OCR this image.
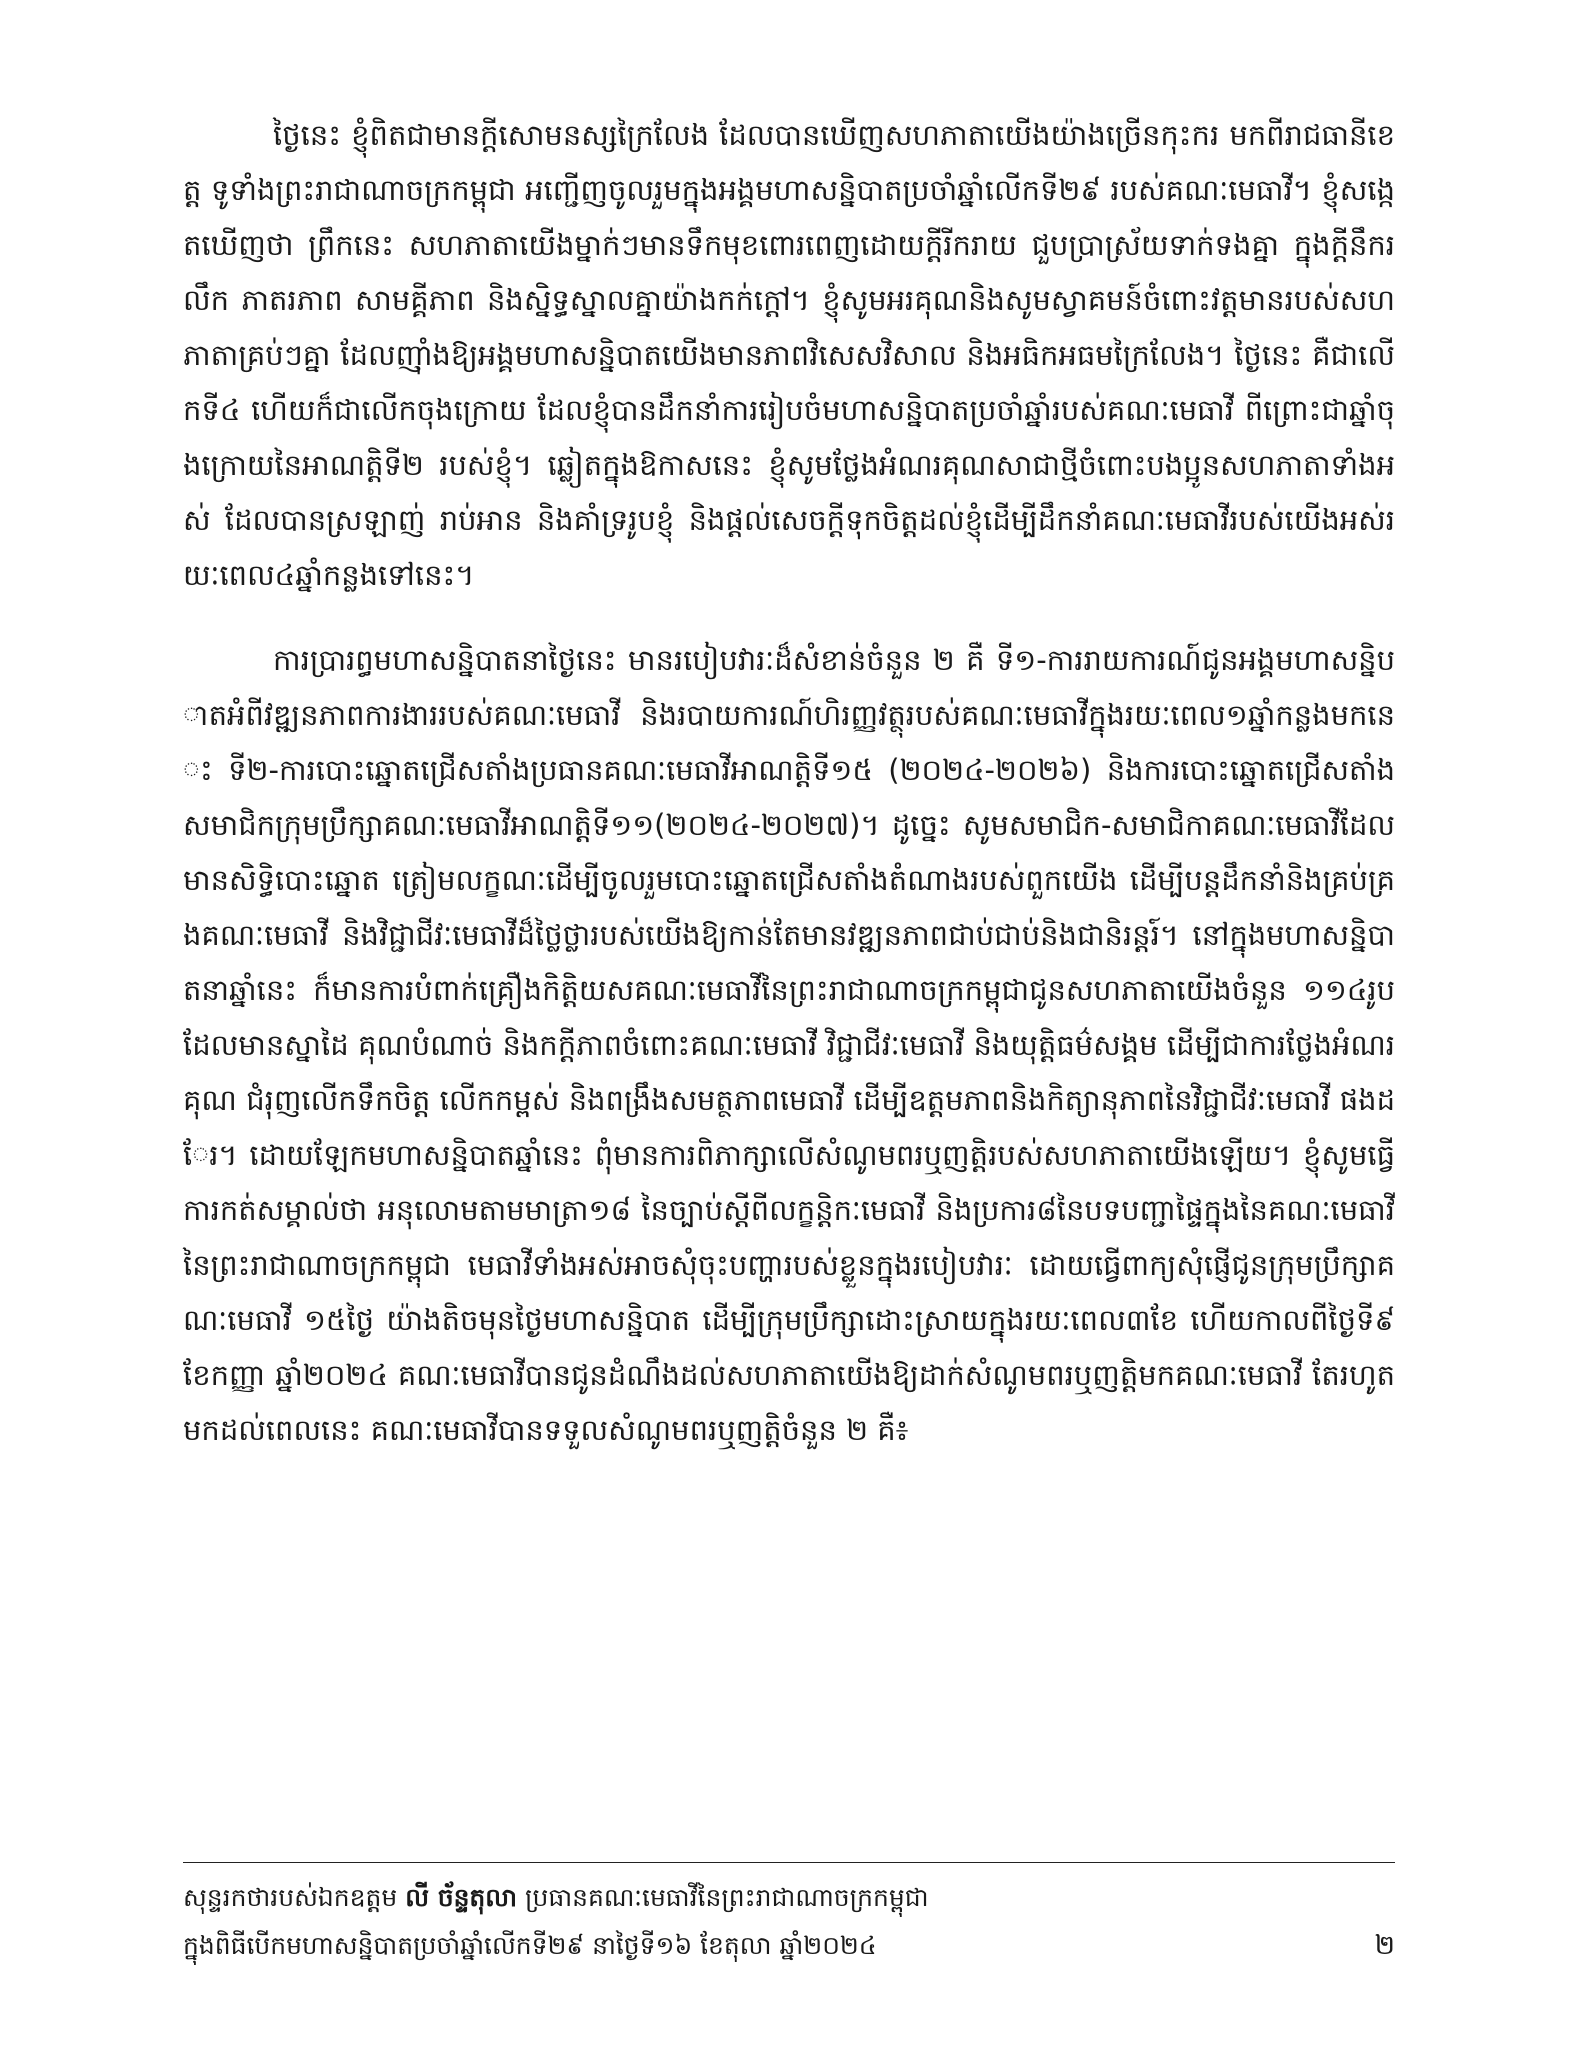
ថ្ងៃនេះ ខ្ញុំពិតជាមានក្តីសោមនស្សក្រៃលែង ដែលបានឃើញសហភាតាយើងយ៉ាងច្រើនកុះករ មកពីរាជធានីខេត្ត ទូទាំងព្រះរាជាណាចក្រកម្ពុជា អញ្ជើញចូលរួមក្នុងអង្គមហាសន្និបាតប្រចាំឆ្នាំលើកទី២៩ របស់គណៈមេធាវី។ ខ្ញុំសង្កេតឃើញថា ព្រឹកនេះ សហភាតាយើងម្នាក់ៗមានទឹកមុខពោរពេញដោយក្តីរីករាយ ជួបប្រាស្រ័យទាក់ទងគ្នា ក្នុងក្តីនឹករលឹក ភាតរភាព សាមគ្គីភាព និងស្និទ្ធស្នាលគ្នាយ៉ាងកក់ក្តៅ។ ខ្ញុំសូមអរគុណនិងសូមស្វាគមន៍ចំពោះវត្តមានរបស់សហភាតាគ្រប់ៗគ្នា ដែលញ៉ាំងឱ្យអង្គមហាសន្និបាតយើងមានភាពវិសេសវិសាល និងអធិកអធមក្រៃលែង។ ថ្ងៃនេះ គឺជាលើកទី៤ ហើយក៏ជាលើកចុងក្រោយ ដែលខ្ញុំបានដឹកនាំការរៀបចំមហាសន្និបាតប្រចាំឆ្នាំរបស់គណៈមេធាវី ពីព្រោះជាឆ្នាំចុងក្រោយនៃអាណត្តិទី២ របស់ខ្ញុំ។ ឆ្លៀតក្នុងឱកាសនេះ ខ្ញុំសូមថ្លែងអំណរគុណសាជាថ្មីចំពោះបងប្អូនសហភាតាទាំងអស់ ដែលបានស្រឡាញ់ រាប់អាន និងគាំទ្ររូបខ្ញុំ និងផ្តល់សេចក្តីទុកចិត្តដល់ខ្ញុំដើម្បីដឹកនាំគណៈមេធាវីរបស់យើងអស់រយៈពេល៤ឆ្នាំកន្លងទៅនេះ។

ការប្រារព្ធមហាសន្និបាតនាថ្ងៃនេះ មានរបៀបវារៈដ៏សំខាន់ចំនួន ២ គឺ ទី១-ការរាយការណ៍ជូនអង្គមហាសន្និបាតអំពីវឌ្ឍនភាពការងាររបស់គណៈមេធាវី និងរបាយការណ៍ហិរញ្ញវត្ថុរបស់គណៈមេធាវីក្នុងរយៈពេល១ឆ្នាំកន្លងមកនេះ ទី២-ការបោះឆ្នោតជ្រើសតាំងប្រធានគណៈមេធាវីអាណត្តិទី១៥ (២០២៤-២០២៦) និងការបោះឆ្នោតជ្រើសតាំងសមាជិកក្រុមប្រឹក្សាគណៈមេធាវីអាណត្តិទី១១(២០២៤-២០២៧)។ ដូច្នេះ សូមសមាជិក-សមាជិកាគណៈមេធាវីដែលមានសិទ្ធិបោះឆ្នោត ត្រៀមលក្ខណៈដើម្បីចូលរួមបោះឆ្នោតជ្រើសតាំងតំណាងរបស់ពួកយើង ដើម្បីបន្តដឹកនាំនិងគ្រប់គ្រងគណៈមេធាវី និងវិជ្ជាជីវៈមេធាវីដ៏ថ្លៃថ្លារបស់យើងឱ្យកាន់តែមានវឌ្ឍនភាពជាប់ជាប់និងជានិរន្តរ៍។ នៅក្នុងមហាសន្និបាតនាឆ្នាំនេះ ក៏មានការបំពាក់គ្រឿងកិត្តិយសគណៈមេធាវីនៃព្រះរាជាណាចក្រកម្ពុជាជូនសហភាតាយើងចំនួន ១១៤រូប ដែលមានស្នាដៃ គុណបំណាច់ និងកក្តីភាពចំពោះគណៈមេធាវី វិជ្ជាជីវៈមេធាវី និងយុត្តិធម៌សង្គម ដើម្បីជាការថ្លែងអំណរគុណ ជំរុញលើកទឹកចិត្ត លើកកម្ពស់ និងពង្រឹងសមត្ថភាពមេធាវី ដើម្បីឧត្តមភាពនិងកិត្យានុភាពនៃវិជ្ជាជីវៈមេធាវី ផងដែរ។ ដោយឡែកមហាសន្និបាតឆ្នាំនេះ ពុំមានការពិភាក្សាលើសំណូមពរឬញត្តិរបស់សហភាតាយើងឡើយ។ ខ្ញុំសូមធ្វើការកត់សម្គាល់ថា អនុលោមតាមមាត្រា១៨ នៃច្បាប់ស្តីពីលក្ខន្តិកៈមេធាវី និងប្រការ៨នៃបទបញ្ជាផ្ទៃក្នុងនៃគណៈមេធាវីនៃព្រះរាជាណាចក្រកម្ពុជា មេធាវីទាំងអស់អាចសុំចុះបញ្ហារបស់ខ្លួនក្នុងរបៀបវារៈ ដោយធ្វើពាក្យសុំផ្ញើជូនក្រុមប្រឹក្សាគណៈមេធាវី ១៥ថ្ងៃ យ៉ាងតិចមុនថ្ងៃមហាសន្និបាត ដើម្បីក្រុមប្រឹក្សាដោះស្រាយក្នុងរយៈពេល៣ខែ ហើយកាលពីថ្ងៃទី៩ ខែកញ្ញា ឆ្នាំ២០២៤ គណៈមេធាវីបានជូនដំណឹងដល់សហភាតាយើងឱ្យដាក់សំណូមពរឬញត្តិមកគណៈមេធាវី តែរហូតមកដល់ពេលនេះ គណៈមេធាវីបានទទួលសំណូមពរឬញត្តិចំនួន ២ គឺ៖

សុន្ទរកថារបស់ឯកឧត្តម លី ច័ន្ទតុលា ប្រធានគណៈមេធាវីនៃព្រះរាជាណាចក្រកម្ពុជា
ក្នុងពិធីបើកមហាសន្និបាតប្រចាំឆ្នាំលើកទី២៩ នាថ្ងៃទី១៦ ខែតុលា ឆ្នាំ២០២៤	២
